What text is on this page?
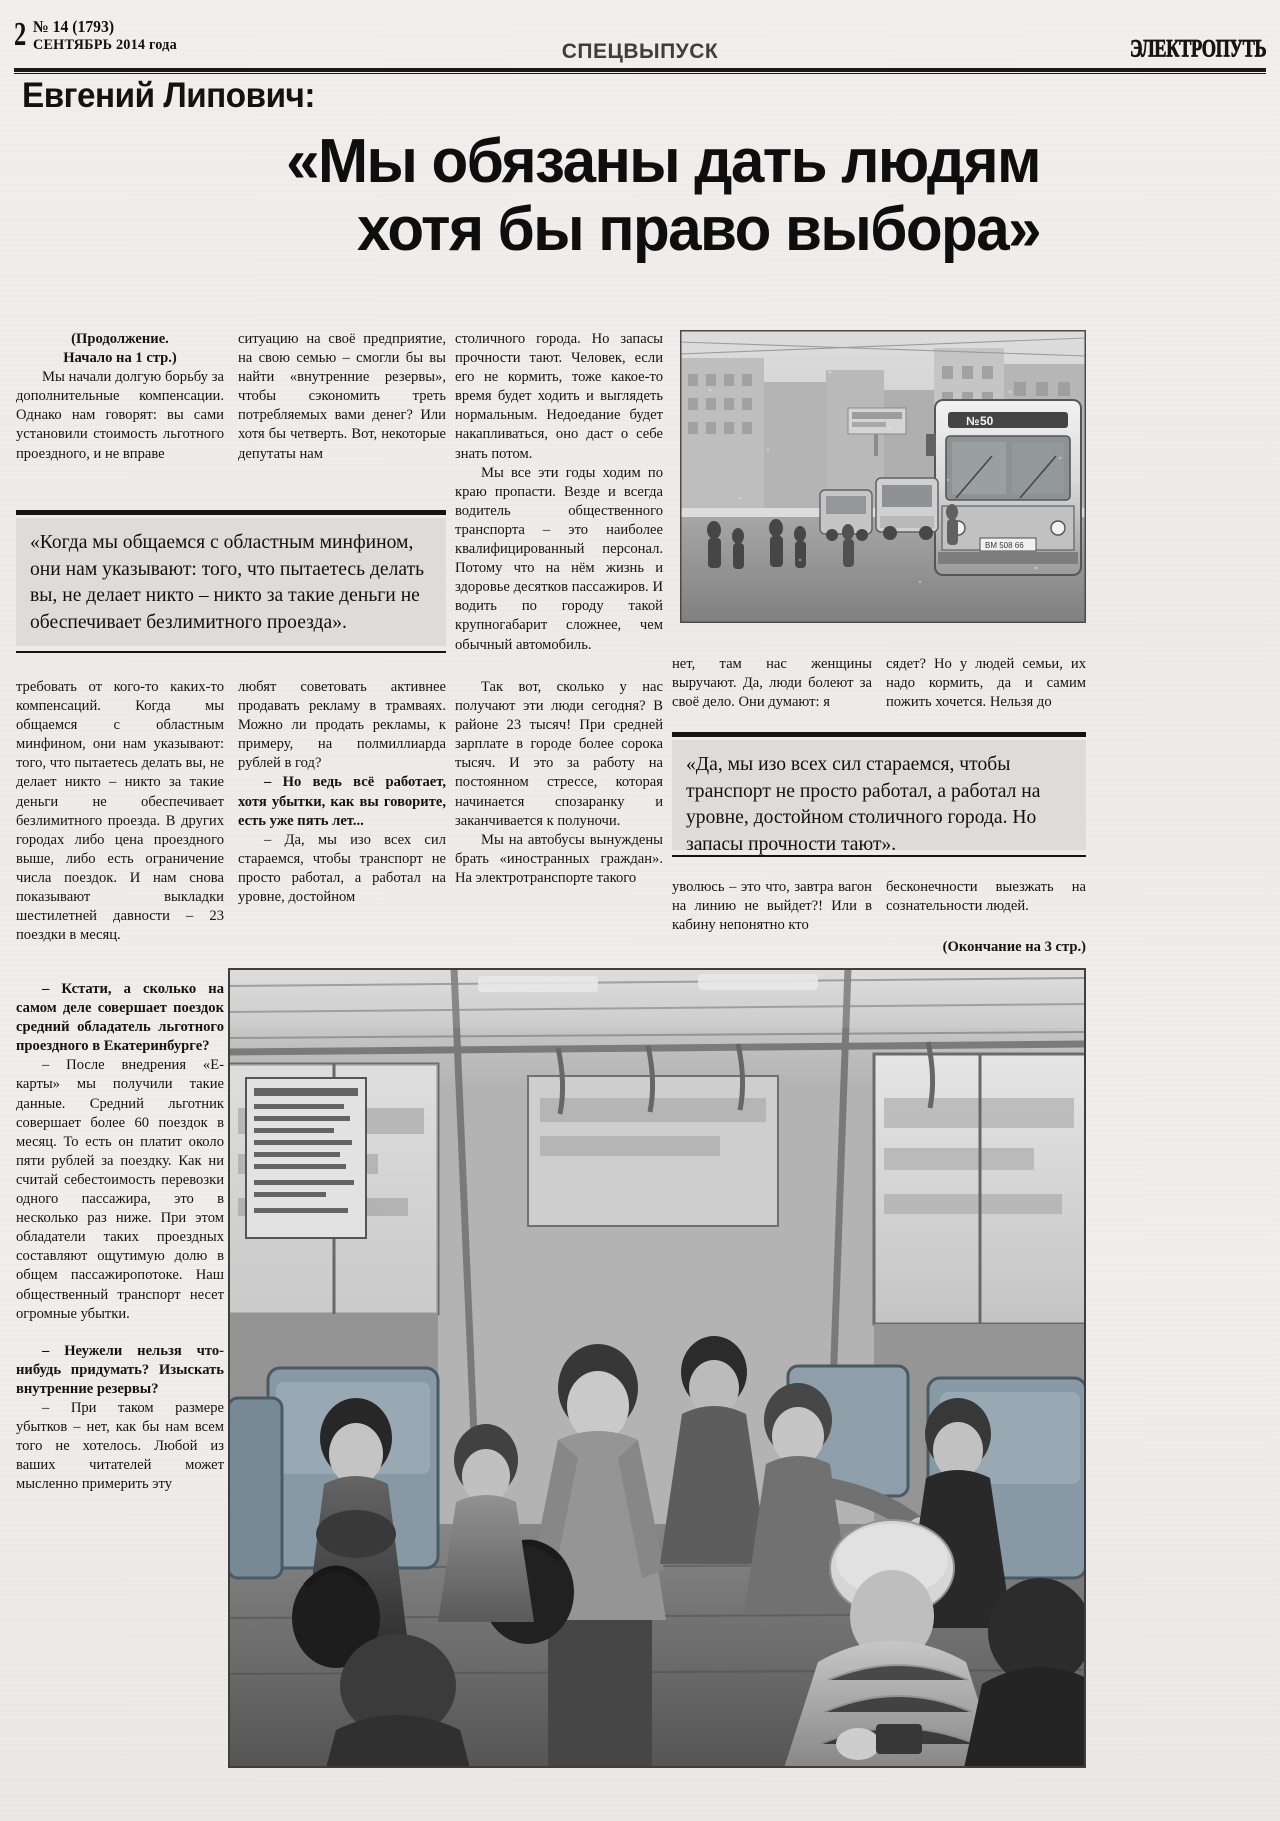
2 № 14 (1793)
СЕНТЯБРЬ 2014 года	СПЕЦВЫПУСК	ЭЛЕКТРОПУТЬ
Евгений Липович:
«Мы обязаны дать людям
хотя бы право выбора»

(Продолжение.

Начало на 1 стр.)

Мы начали долгую борьбу за дополнительные компенсации. Однако нам говорят: вы сами установили стоимость льготного проездного, и не вправе

ситуацию на своё предприятие, на свою семью – смогли бы вы найти «внутренние резервы», чтобы сэкономить треть потребляемых вами денег? Или хотя бы четверть. Вот, некоторые депутаты нам

столичного города. Но запасы прочности тают. Человек, если его не кормить, тоже какое-то время будет ходить и выглядеть нормальным. Недоедание будет накапливаться, оно даст о себе знать потом.

Мы все эти годы ходим по краю пропасти. Везде и всегда водитель общественного транспорта – это наиболее квалифицированный персонал. Потому что на нём жизнь и здоровье десятков пассажиров. И водить по городу такой крупногабарит сложнее, чем обычный автомобиль.

№ 50
ВМ 508 66
«Когда мы общаемся с областным минфином, они нам указывают: того, что пытаетесь делать вы, не делает никто – никто за такие деньги не обеспечивает безлимитного проезда».

требовать от кого-то каких-то компенсаций. Когда мы общаемся с областным минфином, они нам указывают: того, что пытаетесь делать вы, не делает никто – никто за такие деньги не обеспечивает безлимитного проезда. В других городах либо цена проездного выше, либо есть ограничение числа поездок. И нам снова показывают выкладки шестилетней давности – 23 поездки в месяц.

любят советовать активнее продавать рекламу в трамваях. Можно ли продать рекламы, к примеру, на полмиллиарда рублей в год?

– Но ведь всё работает, хотя убытки, как вы говорите, есть уже пять лет...

– Да, мы изо всех сил стараемся, чтобы транспорт не просто работал, а работал на уровне, достойном

Так вот, сколько у нас получают эти люди сегодня? В районе 23 тысяч! При средней зарплате в городе более сорока тысяч. И это за работу на постоянном стрессе, которая начинается спозаранку и заканчивается к полуночи.

Мы на автобусы вынуждены брать «иностранных граждан». На электротранспорте такого

нет, там нас женщины выручают. Да, люди болеют за своё дело. Они думают: я

сядет? Но у людей семьи, их надо кормить, да и самим пожить хочется. Нельзя до

«Да, мы изо всех сил стараемся, чтобы транспорт не просто работал, а работал на уровне, достойном столичного города. Но запасы прочности тают».

уволюсь – это что, завтра вагон на линию не выйдет?! Или в кабину непонятно кто

бесконечности выезжать на сознательности людей.

(Окончание на 3 стр.)

– Кстати, а сколько на самом деле совершает поездок средний обладатель льготного проездного в Екатеринбурге?

– После внедрения «Е-карты» мы получили такие данные. Средний льготник совершает более 60 поездок в месяц. То есть он платит около пяти рублей за поездку. Как ни считай себестоимость перевозки одного пассажира, это в несколько раз ниже. При этом обладатели таких проездных составляют ощутимую долю в общем пассажиропотоке. Наш общественный транспорт несет огромные убытки.

– Неужели нельзя что-нибудь придумать? Изыскать внутренние резервы?

– При таком размере убытков – нет, как бы нам всем того не хотелось. Любой из ваших читателей может мысленно примерить эту
